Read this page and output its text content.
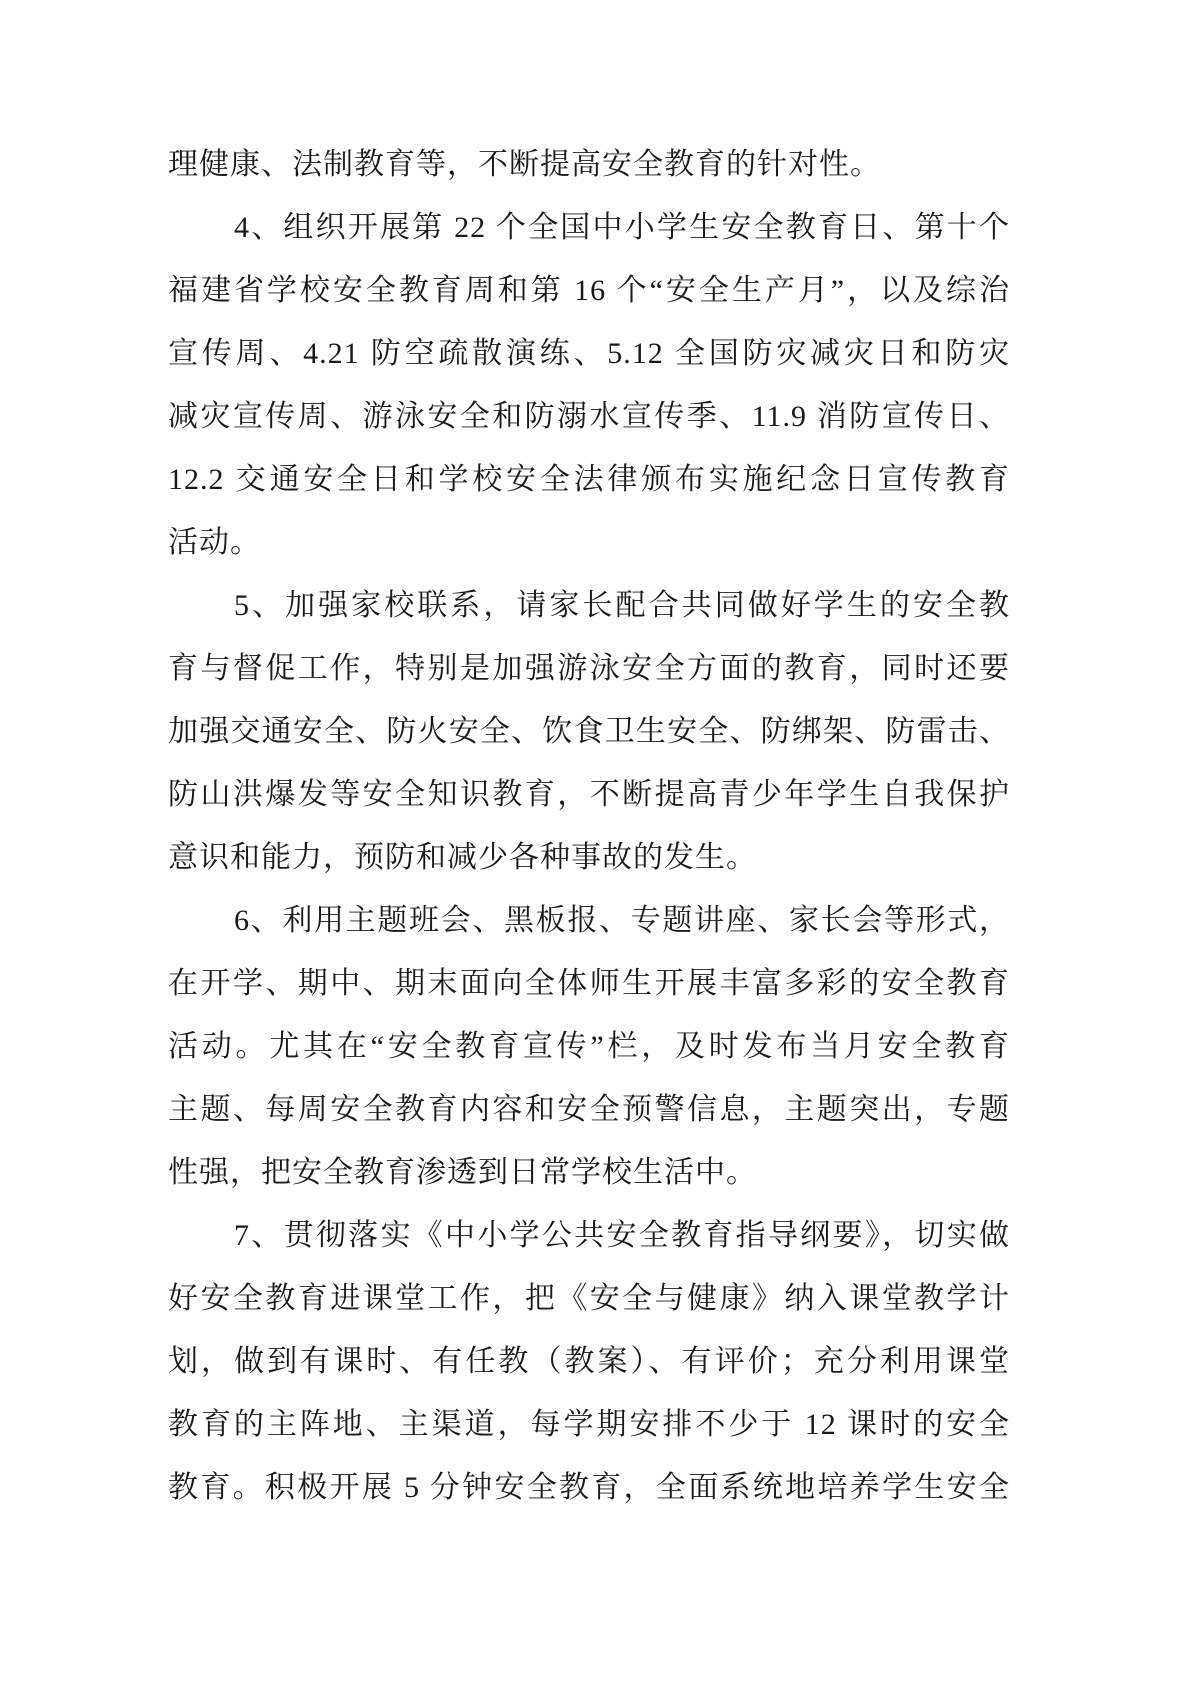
理健康、法制教育等，不断提高安全教育的针对性。
4、组织开展第 22 个全国中小学生安全教育日、第十个
福建省学校安全教育周和第 16 个“安全生产月”，以及综治
宣传周、4.21 防空疏散演练、5.12 全国防灾减灾日和防灾
减灾宣传周、游泳安全和防溺水宣传季、11.9 消防宣传日、
12.2 交通安全日和学校安全法律颁布实施纪念日宣传教育
活动。
5、加强家校联系，请家长配合共同做好学生的安全教
育与督促工作，特别是加强游泳安全方面的教育，同时还要
加强交通安全、防火安全、饮食卫生安全、防绑架、防雷击、
防山洪爆发等安全知识教育，不断提高青少年学生自我保护
意识和能力，预防和减少各种事故的发生。
6、利用主题班会、黑板报、专题讲座、家长会等形式，
在开学、期中、期末面向全体师生开展丰富多彩的安全教育
活动。尤其在“安全教育宣传”栏，及时发布当月安全教育
主题、每周安全教育内容和安全预警信息，主题突出，专题
性强，把安全教育渗透到日常学校生活中。
7、贯彻落实《中小学公共安全教育指导纲要》，切实做
好安全教育进课堂工作，把《安全与健康》纳入课堂教学计
划，做到有课时、有任教（教案）、有评价；充分利用课堂
教育的主阵地、主渠道，每学期安排不少于 12 课时的安全
教育。积极开展 5 分钟安全教育，全面系统地培养学生安全
